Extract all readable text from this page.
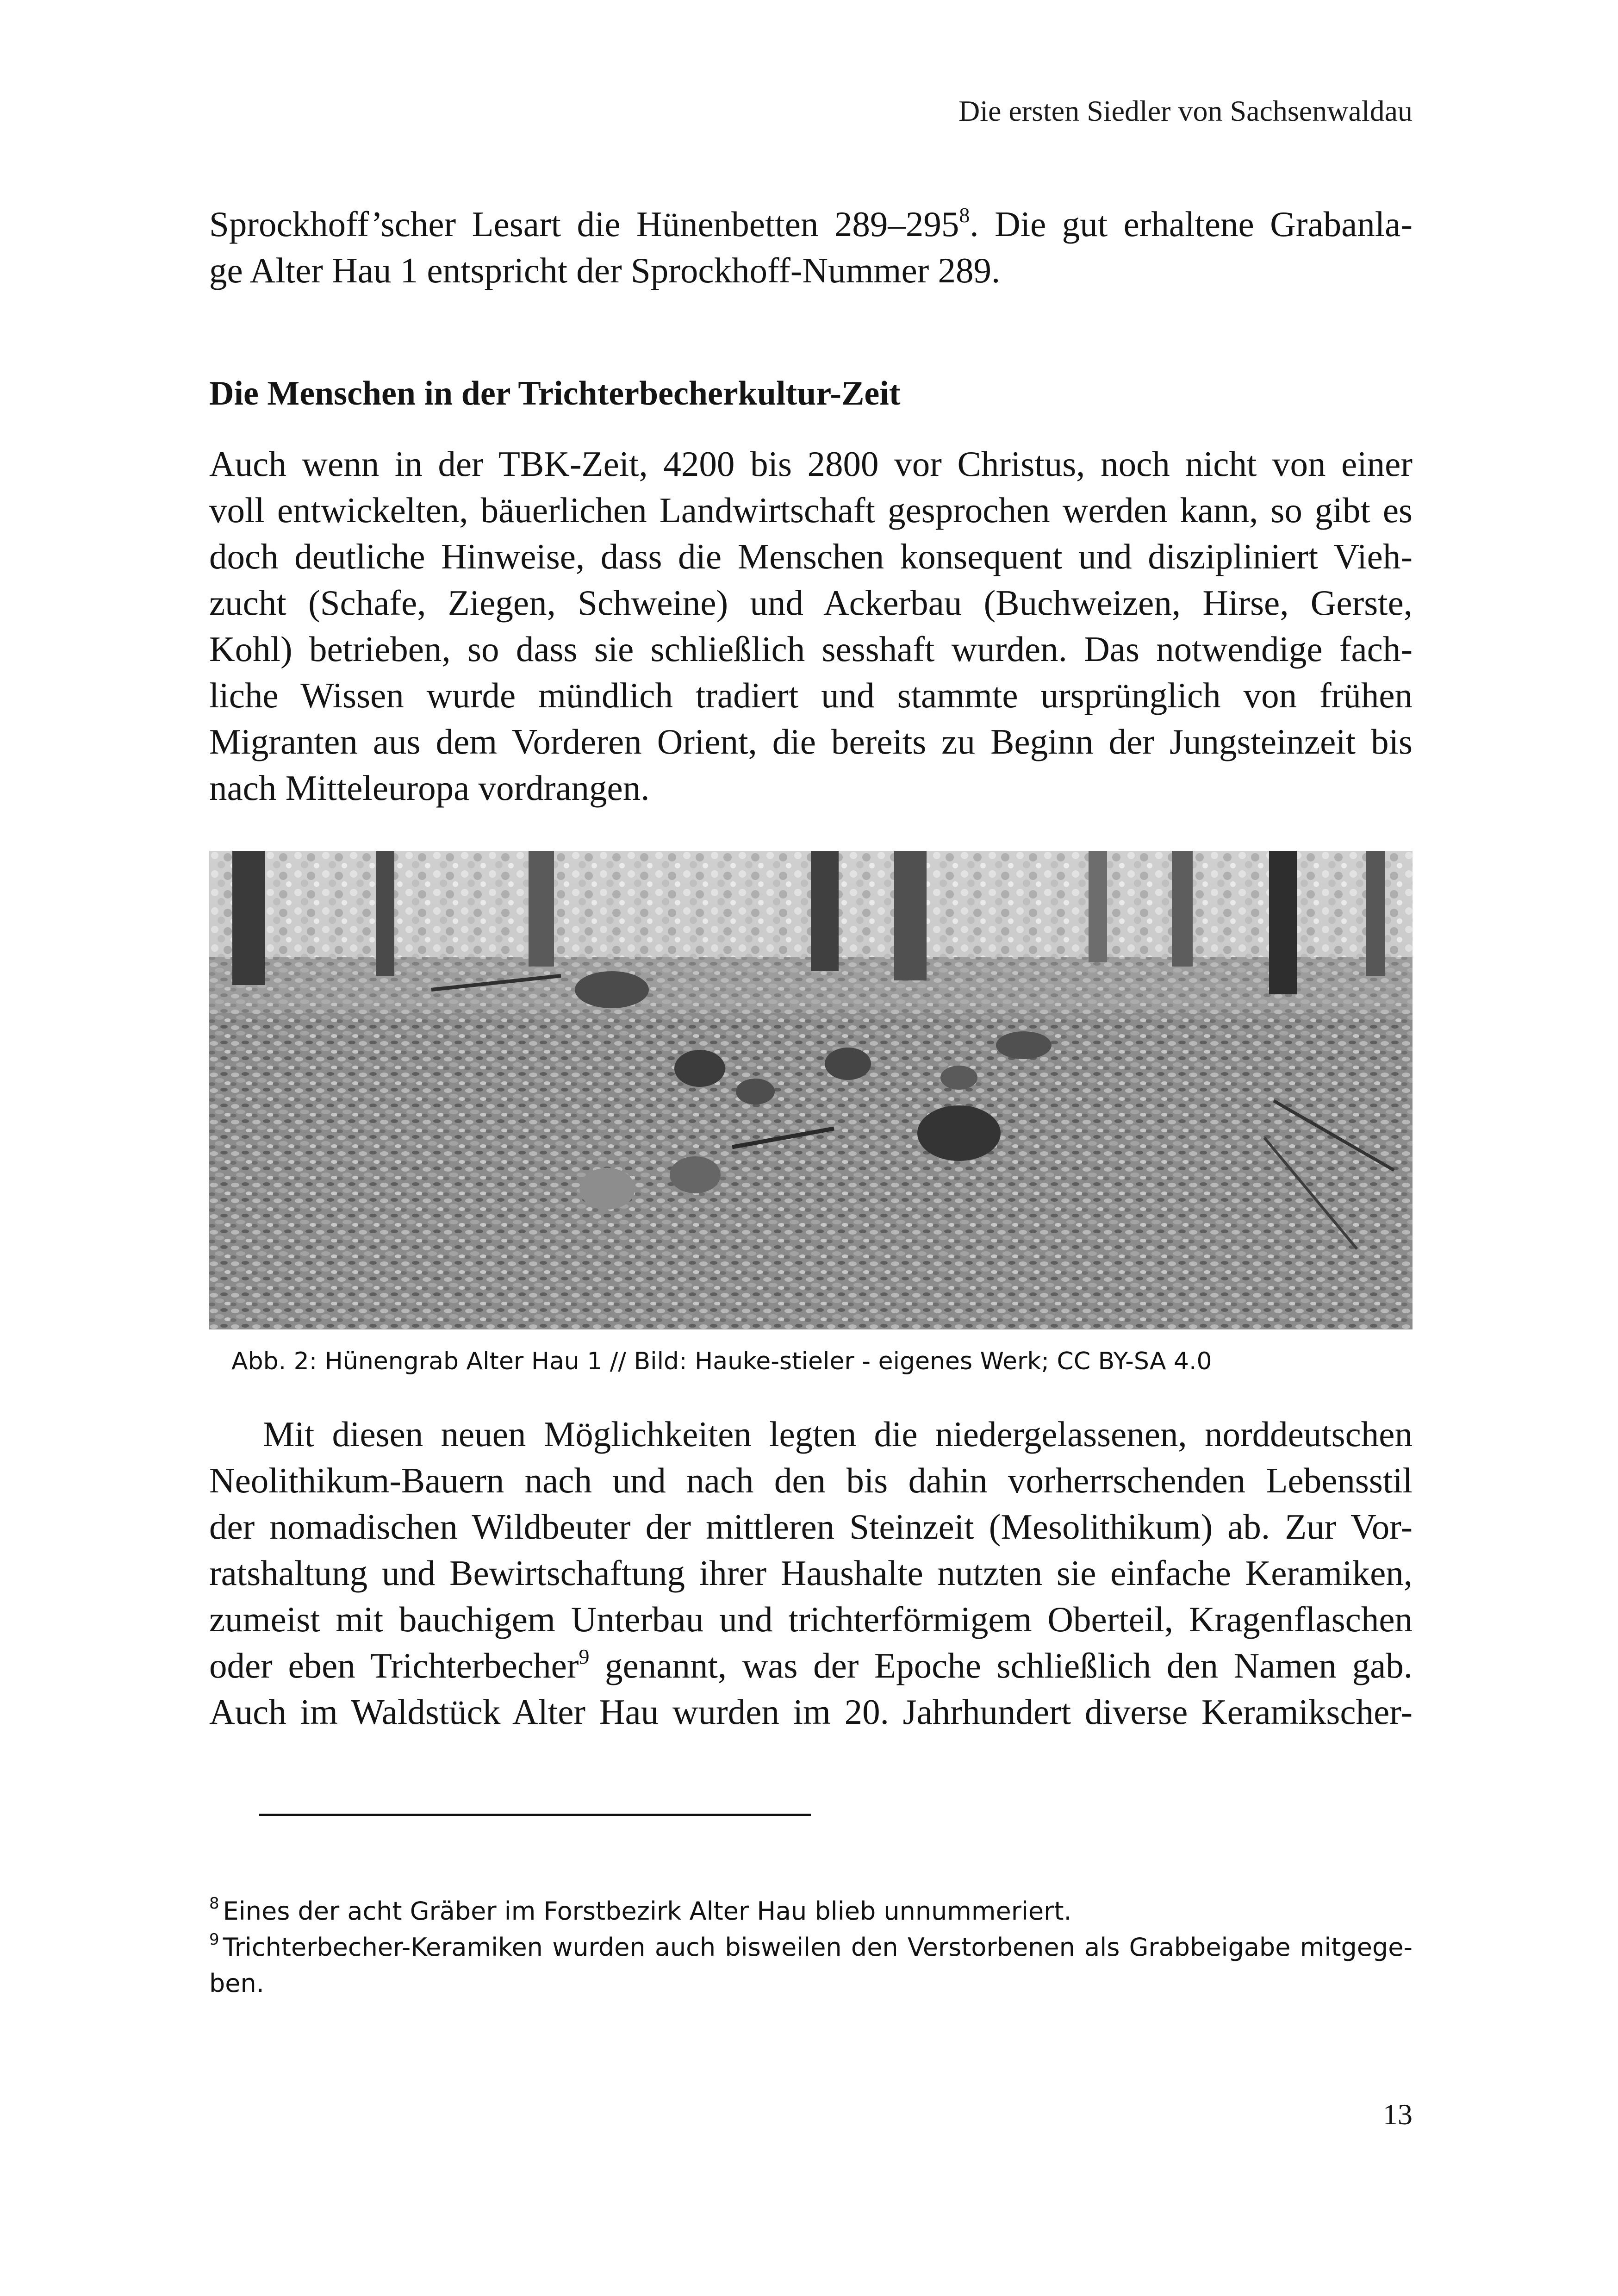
Die ersten Siedler von Sachsenwaldau
Sprockhoff’scher Lesart die Hünenbetten $289-295^8$. Die gut erhaltene Grabanla-
ge Alter Hau 1 entspricht der Sprockhoff-Nummer 289.
Die Menschen in der Trichterbecherkultur-Zeit
Auch wenn in der TBK-Zeit, 4200 bis 2800 vor Christus, noch nicht von einer
voll entwickelten, bäuerlichen Landwirtschaft gesprochen werden kann, so gibt es
doch deutliche Hinweise, dass die Menschen konsequent und diszipliniert Vieh-
zucht (Schafe, Ziegen, Schweine) und Ackerbau (Buchweizen, Hirse, Gerste,
Kohl) betrieben, so dass sie schließlich sesshaft wurden. Das notwendige fach-
liche Wissen wurde mündlich tradiert und stammte ursprünglich von frühen
Migranten aus dem Vorderen Orient, die bereits zu Beginn der Jungsteinzeit bis
nach Mitteleuropa vordrangen.
Abb. 2: Hünengrab Alter Hau 1 // Bild: Hauke-stieler - eigenes Werk; CC BY-SA 4.0
Mit diesen neuen Möglichkeiten legten die niedergelassenen, norddeutschen
Neolithikum-Bauern nach und nach den bis dahin vorherrschenden Lebensstil
der nomadischen Wildbeuter der mittleren Steinzeit (Mesolithikum) ab. Zur Vor-
ratshaltung und Bewirtschaftung ihrer Haushalte nutzten sie einfache Keramiken,
zumeist mit bauchigem Unterbau und trichterförmigem Oberteil, Kragenflaschen
oder eben Trichterbecher$^9$ genannt, was der Epoche schließlich den Namen gab.
Auch im Waldstück Alter Hau wurden im 20. Jahrhundert diverse Keramikscher-
$^8$ Eines der acht Gräber im Forstbezirk Alter Hau blieb unnummeriert.
$^9$ Trichterbecher-Keramiken wurden auch bisweilen den Verstorbenen als Grabbeigabe mitgege-
ben.
13
